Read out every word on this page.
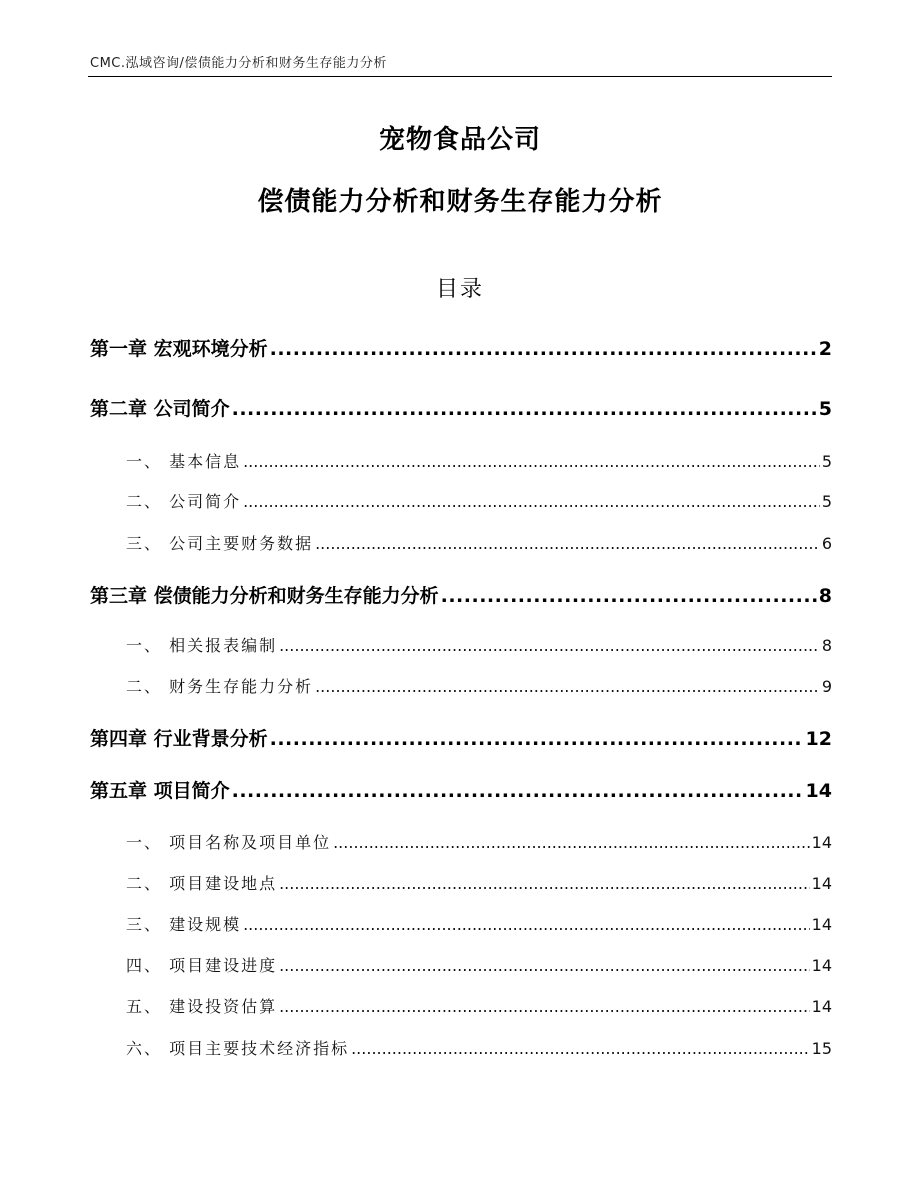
CMC.泓域咨询/偿债能力分析和财务生存能力分析
宠物食品公司
偿债能力分析和财务生存能力分析
目录
第一章 宏观环境分析 .....	2
第二章 公司简介 .....	5
一、 基本信息 .....	5
二、 公司简介 .....	5
三、 公司主要财务数据 .....	6
第三章 偿债能力分析和财务生存能力分析 .....	8
一、 相关报表编制 .....	8
二、 财务生存能力分析 .....	9
第四章 行业背景分析 .....	12
第五章 项目简介 .....	14
一、 项目名称及项目单位 .....	14
二、 项目建设地点 .....	14
三、 建设规模 .....	14
四、 项目建设进度 .....	14
五、 建设投资估算 .....	14
六、 项目主要技术经济指标 .....	15
